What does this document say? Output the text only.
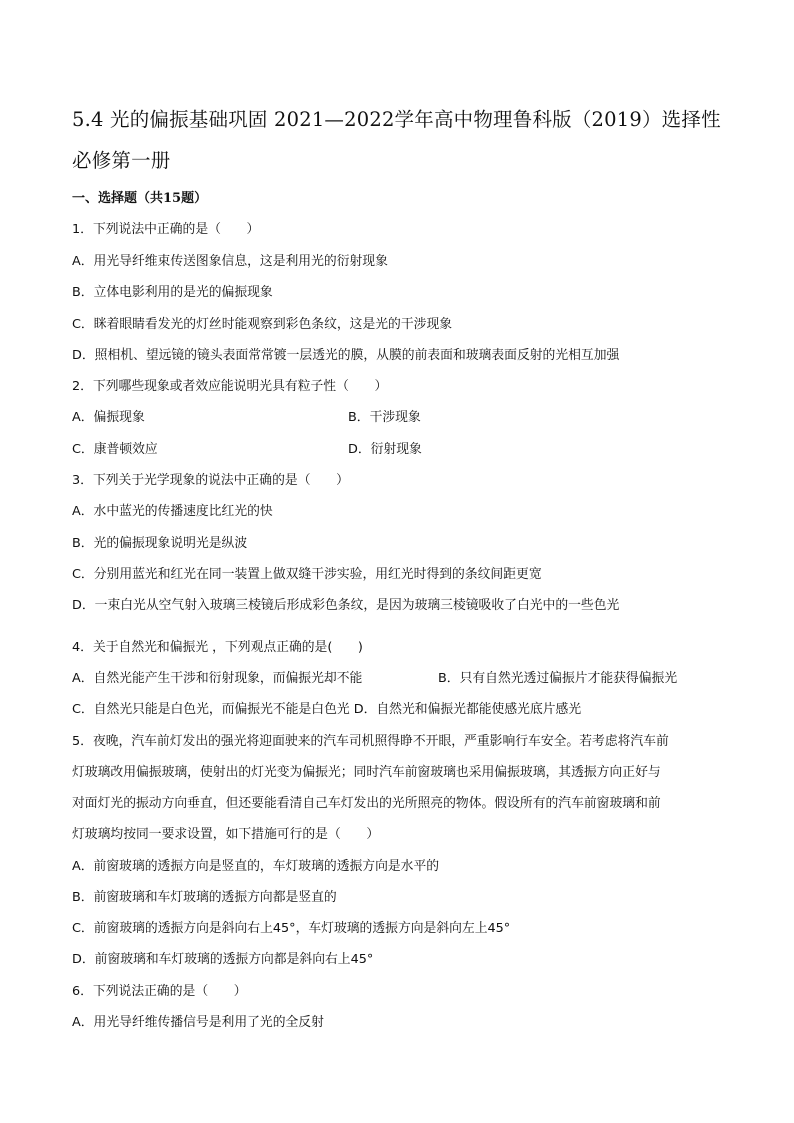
5.4 光的偏振基础巩固 2021—2022学年高中物理鲁科版（2019）选择性必修第一册
一、选择题（共15题）
1．下列说法中正确的是（　　）
A．用光导纤维束传送图象信息，这是利用光的衍射现象
B．立体电影利用的是光的偏振现象
C．眯着眼睛看发光的灯丝时能观察到彩色条纹，这是光的干涉现象
D．照相机、望远镜的镜头表面常常镀一层透光的膜，从膜的前表面和玻璃表面反射的光相互加强
2．下列哪些现象或者效应能说明光具有粒子性（　　）
A．偏振现象	B．干涉现象
C．康普顿效应	D．衍射现象
3．下列关于光学现象的说法中正确的是（　　）
A．水中蓝光的传播速度比红光的快
B．光的偏振现象说明光是纵波
C．分别用蓝光和红光在同一装置上做双缝干涉实验，用红光时得到的条纹间距更宽
D．一束白光从空气射入玻璃三棱镜后形成彩色条纹，是因为玻璃三棱镜吸收了白光中的一些色光
4．关于自然光和偏振光 ，下列观点正确的是(　　)
A．自然光能产生干涉和衍射现象，而偏振光却不能	B．只有自然光透过偏振片才能获得偏振光
C．自然光只能是白色光，而偏振光不能是白色光 D．自然光和偏振光都能使感光底片感光
5．夜晚，汽车前灯发出的强光将迎面驶来的汽车司机照得睁不开眼，严重影响行车安全。若考虑将汽车前
灯玻璃改用偏振玻璃，使射出的灯光变为偏振光；同时汽车前窗玻璃也采用偏振玻璃，其透振方向正好与
对面灯光的振动方向垂直，但还要能看清自己车灯发出的光所照亮的物体。假设所有的汽车前窗玻璃和前
灯玻璃均按同一要求设置，如下措施可行的是（　　）
A．前窗玻璃的透振方向是竖直的，车灯玻璃的透振方向是水平的
B．前窗玻璃和车灯玻璃的透振方向都是竖直的
C．前窗玻璃的透振方向是斜向右上45°，车灯玻璃的透振方向是斜向左上45°
D．前窗玻璃和车灯玻璃的透振方向都是斜向右上45°
6．下列说法正确的是（　　）
A．用光导纤维传播信号是利用了光的全反射
